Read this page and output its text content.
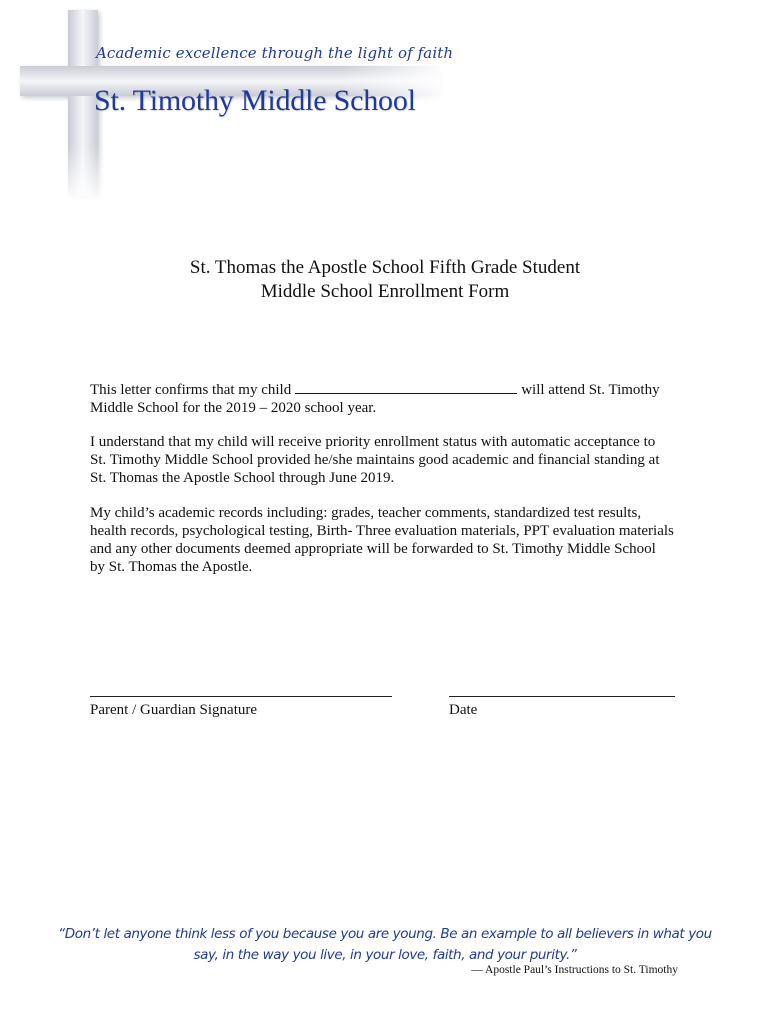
Academic excellence through the light of faith
St. Timothy Middle School
St. Thomas the Apostle School Fifth Grade Student
Middle School Enrollment Form
This letter confirms that my child	will attend St. Timothy
Middle School for the 2019 – 2020 school year.
I understand that my child will receive priority enrollment status with automatic acceptance to
St. Timothy Middle School provided he/she maintains good academic and financial standing at
St. Thomas the Apostle School through June 2019.
My child’s academic records including: grades, teacher comments, standardized test results,
health records, psychological testing, Birth- Three evaluation materials, PPT evaluation materials
and any other documents deemed appropriate will be forwarded to St. Timothy Middle School
by St. Thomas the Apostle.
Parent / Guardian Signature	Date
“Don’t let anyone think less of you because you are young. Be an example to all believers in what you
say, in the way you live, in your love, faith, and your purity.”
— Apostle Paul’s Instructions to St. Timothy
